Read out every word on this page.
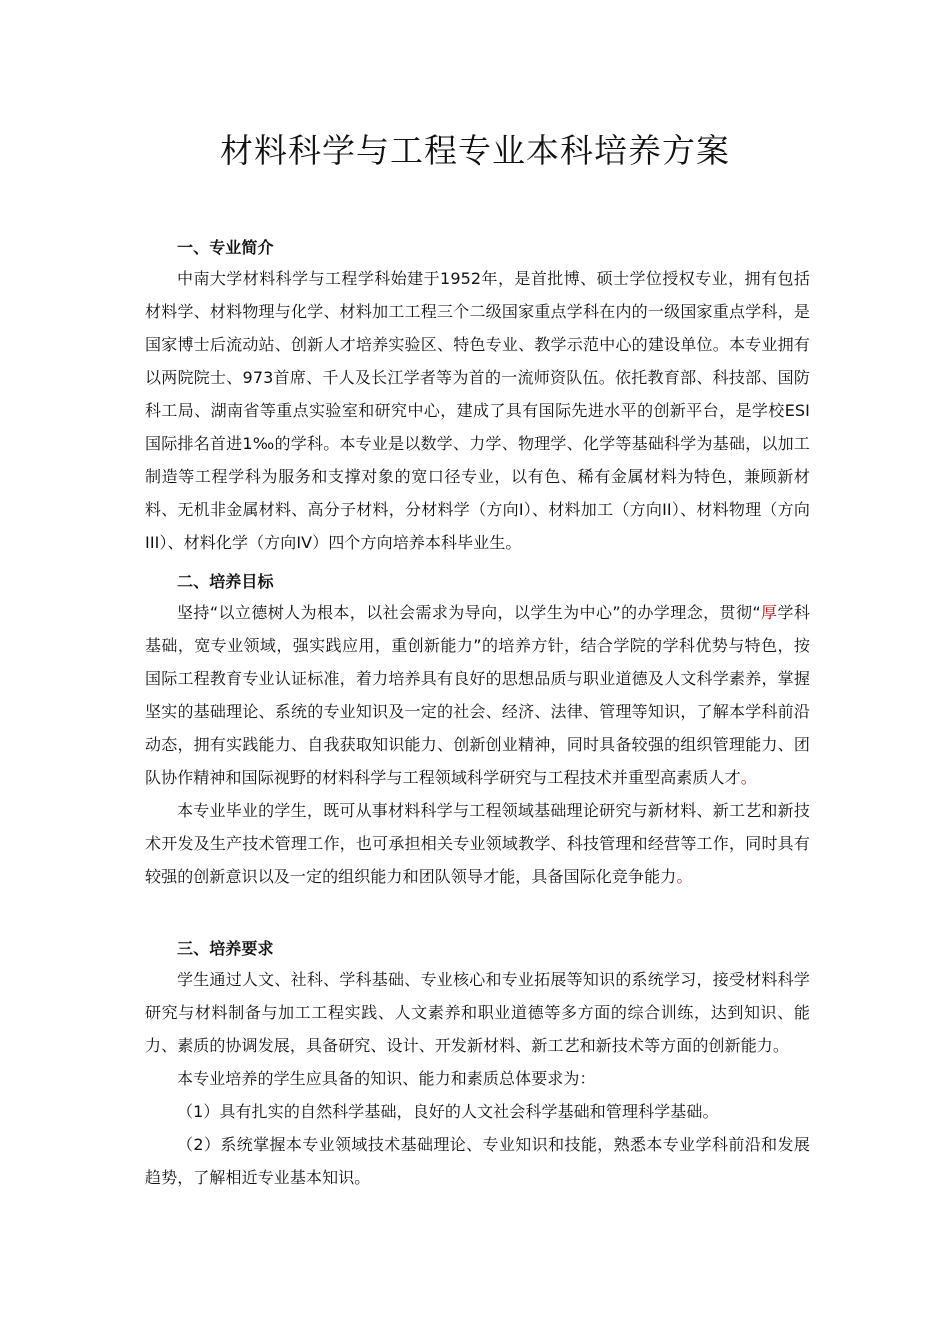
材料科学与工程专业本科培养方案
一、专业简介

中南大学材料科学与工程学科始建于1952年，是首批博、硕士学位授权专业，拥有包括材料学、材料物理与化学、材料加工工程三个二级国家重点学科在内的一级国家重点学科，是国家博士后流动站、创新人才培养实验区、特色专业、教学示范中心的建设单位。本专业拥有以两院院士、973首席、千人及长江学者等为首的一流师资队伍。依托教育部、科技部、国防科工局、湖南省等重点实验室和研究中心，建成了具有国际先进水平的创新平台，是学校ESI国际排名首进1‰的学科。本专业是以数学、力学、物理学、化学等基础科学为基础，以加工制造等工程学科为服务和支撑对象的宽口径专业，以有色、稀有金属材料为特色，兼顾新材料、无机非金属材料、高分子材料，分材料学（方向I）、材料加工（方向II）、材料物理（方向III）、材料化学（方向IV）四个方向培养本科毕业生。

二、培养目标

坚持“以立德树人为根本，以社会需求为导向，以学生为中心”的办学理念，贯彻“厚学科基础，宽专业领域，强实践应用，重创新能力”的培养方针，结合学院的学科优势与特色，按国际工程教育专业认证标准，着力培养具有良好的思想品质与职业道德及人文科学素养，掌握坚实的基础理论、系统的专业知识及一定的社会、经济、法律、管理等知识，了解本学科前沿动态，拥有实践能力、自我获取知识能力、创新创业精神，同时具备较强的组织管理能力、团队协作精神和国际视野的材料科学与工程领域科学研究与工程技术并重型高素质人才。

本专业毕业的学生，既可从事材料科学与工程领域基础理论研究与新材料、新工艺和新技术开发及生产技术管理工作，也可承担相关专业领域教学、科技管理和经营等工作，同时具有较强的创新意识以及一定的组织能力和团队领导才能，具备国际化竞争能力。

三、培养要求

学生通过人文、社科、学科基础、专业核心和专业拓展等知识的系统学习，接受材料科学研究与材料制备与加工工程实践、人文素养和职业道德等多方面的综合训练，达到知识、能力、素质的协调发展，具备研究、设计、开发新材料、新工艺和新技术等方面的创新能力。

本专业培养的学生应具备的知识、能力和素质总体要求为：

（1）具有扎实的自然科学基础，良好的人文社会科学基础和管理科学基础。

（2）系统掌握本专业领域技术基础理论、专业知识和技能，熟悉本专业学科前沿和发展趋势，了解相近专业基本知识。
